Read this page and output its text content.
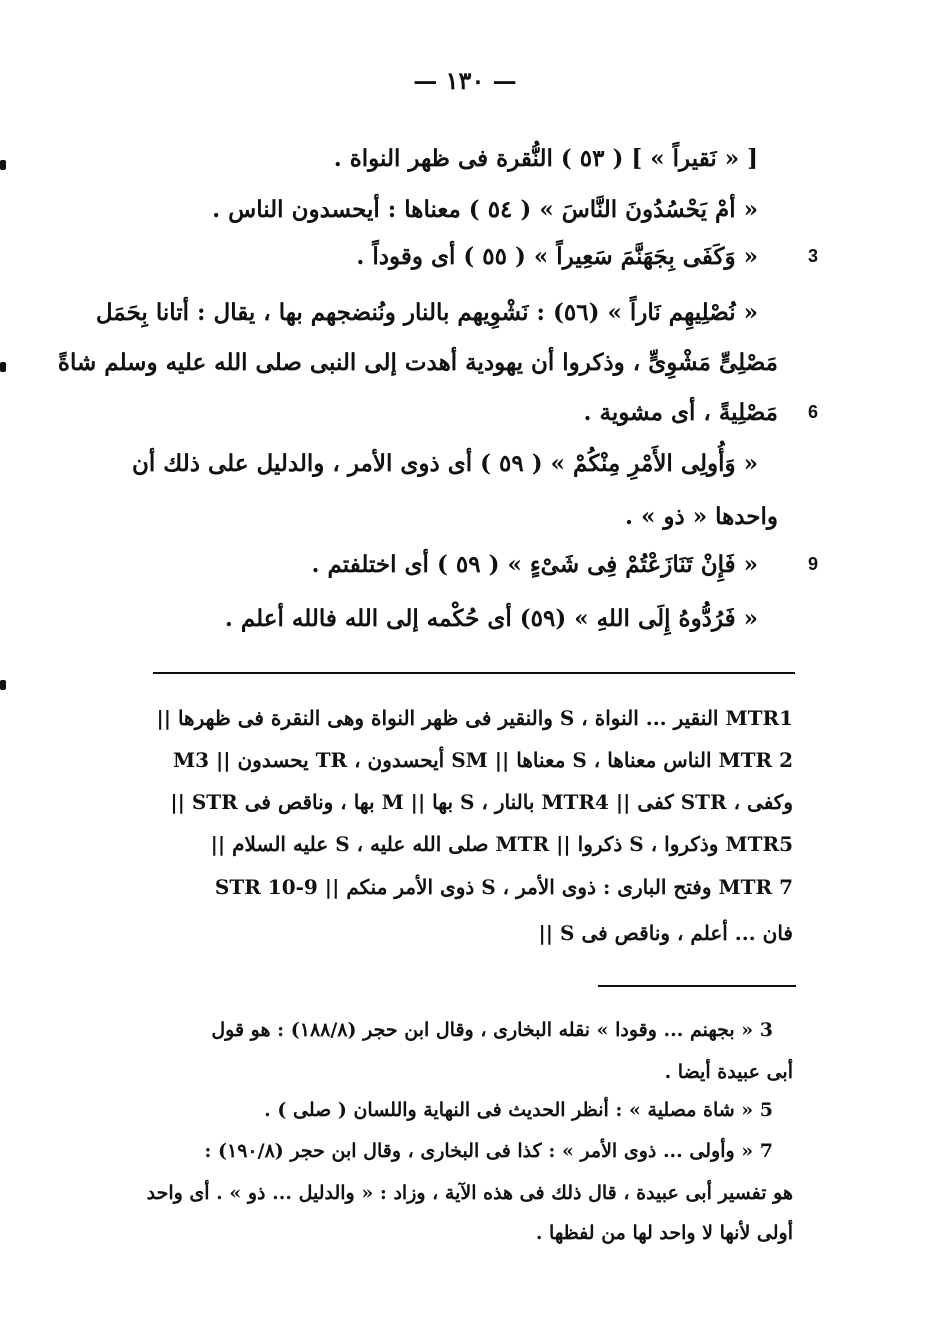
— ١٣٠ —
[ « نَقيراً » ] ( ٥٣ ) النُّقرة فى ظهر النواة .
« أمْ يَحْسُدُونَ النَّاسَ » ( ٥٤ ) معناها : أيحسدون الناس .
« وَكَفَى بِجَهَنَّمَ سَعِيراً » ( ٥٥ ) أى وقوداً .	3
« نُصْلِيهِم نَاراً » (٥٦) : نَشْوِيهم بالنار ونُنضجهم بها ، يقال : أتانا بِحَمَل
مَصْلِىٍّ مَشْوِىٍّ ، وذكروا أن يهودية أهدت إلى النبى صلى الله عليه وسلم شاةً
مَصْلِيةً ، أى مشوية . 6
« وَأُولِى الأَمْرِ مِنْكُمْ » ( ٥٩ ) أى ذوى الأمر ، والدليل على ذلك أن
واحدها « ذو » .
« فَإِنْ تَنَازَعْتُمْ فِى شَىْءٍ » ( ٥٩ ) أى اختلفتم .	9
« فَرُدُّوهُ إِلَى اللهِ » (٥٩) أى حُكْمه إلى الله فالله أعلم .
MTR1 النقير ... النواة ، S والنقير فى ظهر النواة وهى النقرة فى ظهرها ||
MTR 2 الناس معناها ، S معناها || SM أيحسدون ، TR يحسدون || M3
وكفى ، STR كفى || MTR4 بالنار ، S بها || M بها ، وناقص فى STR ||
MTR5 وذكروا ، S ذكروا || MTR صلى الله عليه ، S عليه السلام ||
MTR 7 وفتح البارى : ذوى الأمر ، S ذوى الأمر منكم || STR 10-9
فان ... أعلم ، وناقص فى S ||
3 « بجهنم ... وقودا » نقله البخارى ، وقال ابن حجر (١٨٨/٨) : هو قول
أبى عبيدة أيضا .
5 « شاة مصلية » : أنظر الحديث فى النهاية واللسان ( صلى ) .
7 « وأولى ... ذوى الأمر » : كذا فى البخارى ، وقال ابن حجر (١٩٠/٨) :
هو تفسير أبى عبيدة ، قال ذلك فى هذه الآية ، وزاد : « والدليل ... ذو » . أى واحد
أولى لأنها لا واحد لها من لفظها .
